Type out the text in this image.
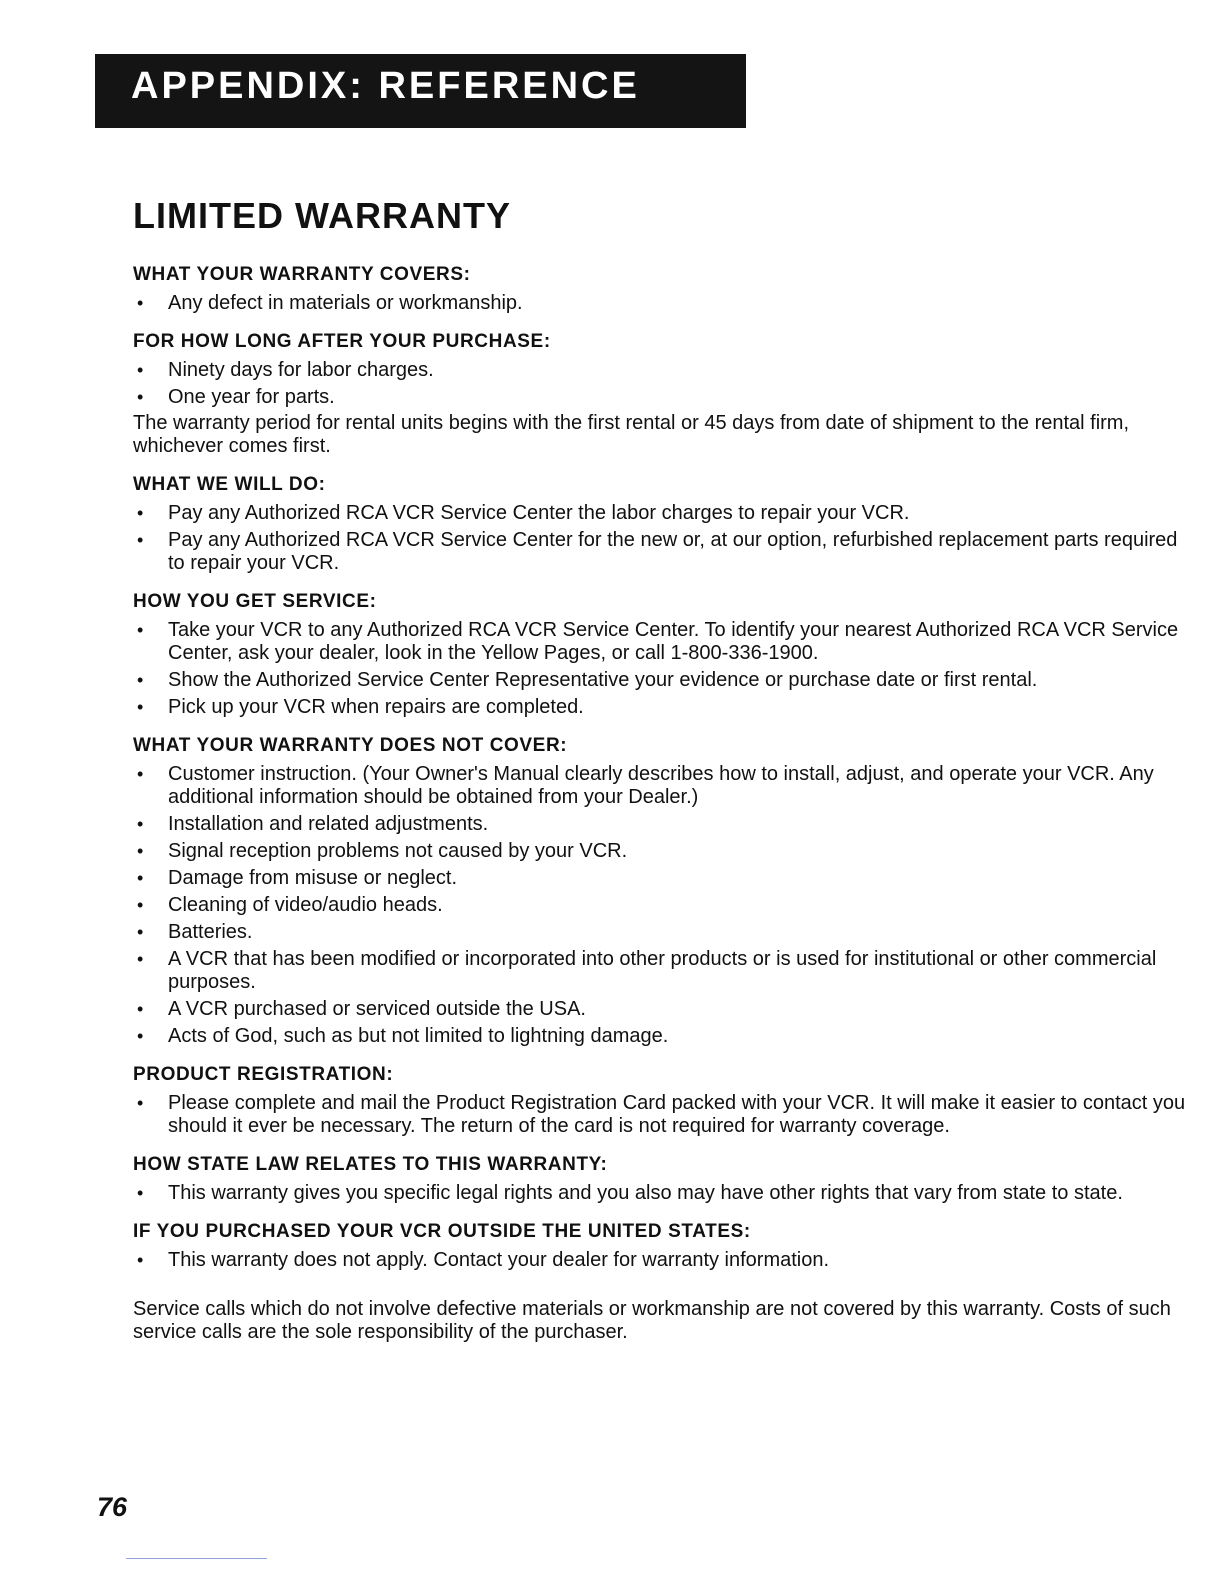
APPENDIX: REFERENCE
LIMITED WARRANTY
WHAT YOUR WARRANTY COVERS:
• Any defect in materials or workmanship.
FOR HOW LONG AFTER YOUR PURCHASE:
• Ninety days for labor charges.
• One year for parts.

The warranty period for rental units begins with the first rental or 45 days from date of shipment to the rental firm, whichever comes first.

WHAT WE WILL DO:
• Pay any Authorized RCA VCR Service Center the labor charges to repair your VCR.
• Pay any Authorized RCA VCR Service Center for the new or, at our option, refurbished replacement parts required to repair your VCR.
HOW YOU GET SERVICE:
• Take your VCR to any Authorized RCA VCR Service Center. To identify your nearest Authorized RCA VCR Service Center, ask your dealer, look in the Yellow Pages, or call 1-800-336-1900.
• Show the Authorized Service Center Representative your evidence or purchase date or first rental.
• Pick up your VCR when repairs are completed.
WHAT YOUR WARRANTY DOES NOT COVER:
• Customer instruction. (Your Owner's Manual clearly describes how to install, adjust, and operate your VCR. Any additional information should be obtained from your Dealer.)
• Installation and related adjustments.
• Signal reception problems not caused by your VCR.
• Damage from misuse or neglect.
• Cleaning of video/audio heads.
• Batteries.
• A VCR that has been modified or incorporated into other products or is used for institutional or other commercial purposes.
• A VCR purchased or serviced outside the USA.
• Acts of God, such as but not limited to lightning damage.
PRODUCT REGISTRATION:
• Please complete and mail the Product Registration Card packed with your VCR. It will make it easier to contact you should it ever be necessary. The return of the card is not required for warranty coverage.
HOW STATE LAW RELATES TO THIS WARRANTY:
• This warranty gives you specific legal rights and you also may have other rights that vary from state to state.
IF YOU PURCHASED YOUR VCR OUTSIDE THE UNITED STATES:
• This warranty does not apply. Contact your dealer for warranty information.

Service calls which do not involve defective materials or workmanship are not covered by this warranty. Costs of such service calls are the sole responsibility of the purchaser.

76
